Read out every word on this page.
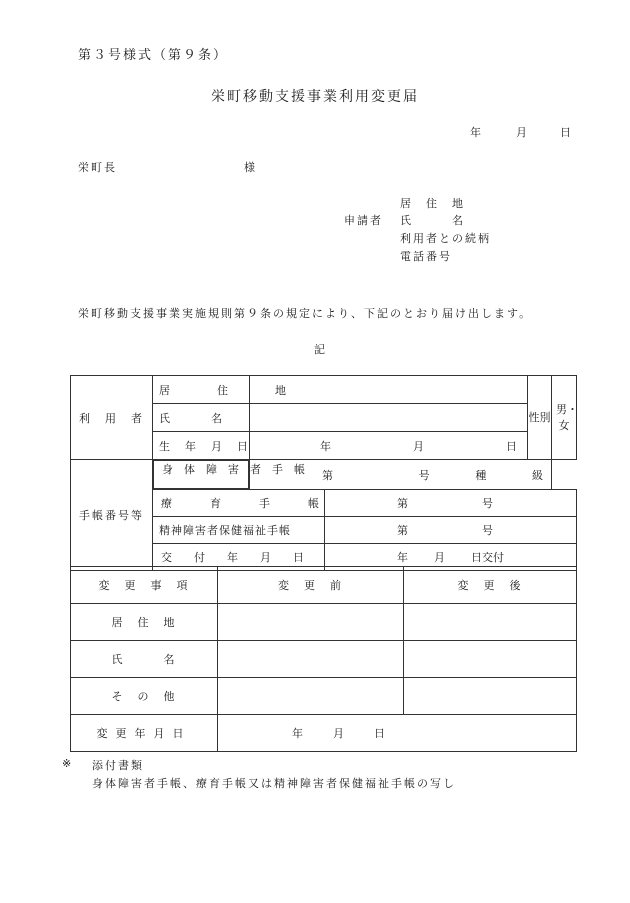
第３号様式（第９条）
栄町移動支援事業利用変更届
年	月	日
栄町長	様
申請者
居　住　地
氏　　　名
利用者との続柄
電話番号
栄町移動支援事業実施規則第９条の規定により、下記のとおり届け出します。
記
利　用　者	居　住　地			性別	男・女
	氏　　　名				
	生　年　月　日	年 月 日			

手帳番号等	
身体障害者手帳 第 号 種 級			

	療育手帳		第 号		

	精神障害者保健福祉手帳		第 号		

	交付年月日		年 月 日交付		
変　更　事　項	変　更　前	変　更　後
居　住　地		
氏　　　名		
そ　の　他		
変更年月日	年 月 日	
※ 添付書類
身体障害者手帳、療育手帳又は精神障害者保健福祉手帳の写し
